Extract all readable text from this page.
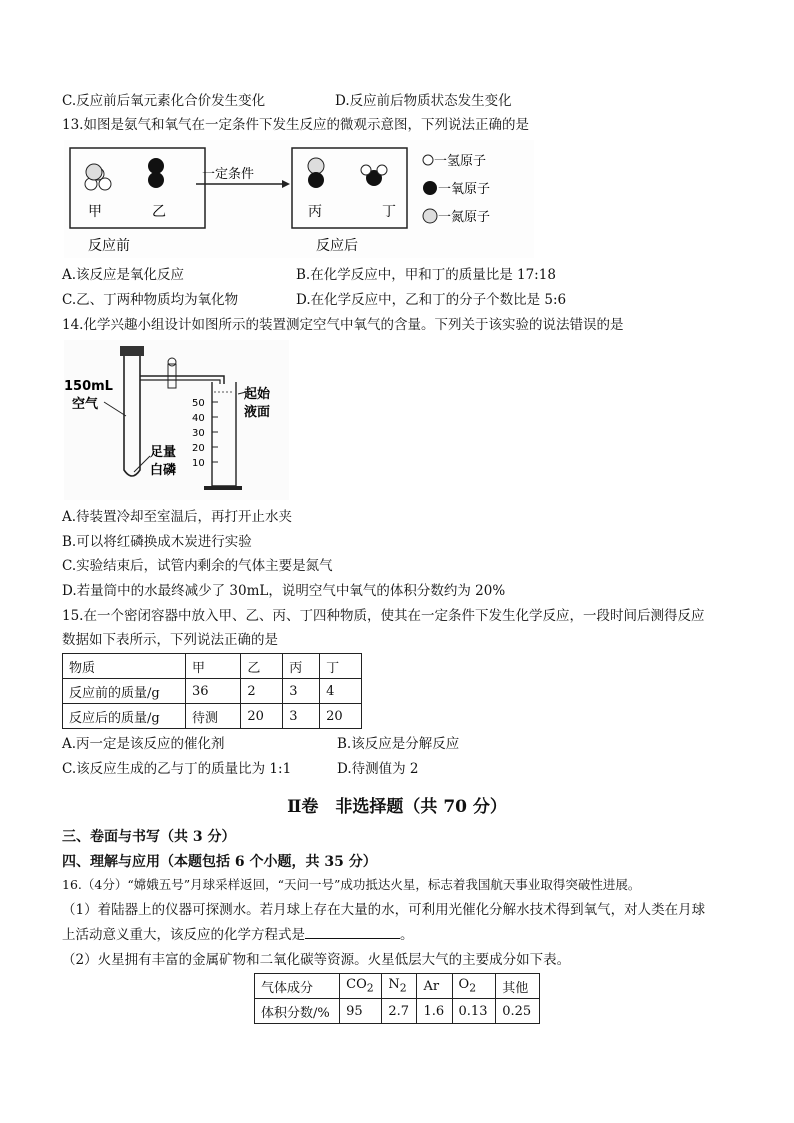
C.反应前后氧元素化合价发生变化	D.反应前后物质状态发生变化
13.如图是氨气和氧气在一定条件下发生反应的微观示意图，下列说法正确的是
甲	乙
一定条件
丙	丁
一氢原子
一氧原子
一氮原子
反应前	反应后
A.该反应是氧化反应	B.在化学反应中，甲和丁的质量比是 17:18
C.乙、丁两种物质均为氧化物	D.在化学反应中，乙和丁的分子个数比是 5:6
14.化学兴趣小组设计如图所示的装置测定空气中氧气的含量。下列关于该实验的说法错误的是
50
40
30
20
10
150mL
空气
起始
液面
足量
白磷
A.待装置冷却至室温后，再打开止水夹
B.可以将红磷换成木炭进行实验
C.实验结束后，试管内剩余的气体主要是氮气
D.若量筒中的水最终减少了 30mL，说明空气中氧气的体积分数约为 20%
15.在一个密闭容器中放入甲、乙、丙、丁四种物质，使其在一定条件下发生化学反应，一段时间后测得反应
数据如下表所示，下列说法正确的是
物质	甲	乙	丙	丁
反应前的质量/g	36	2	3	4
反应后的质量/g	待测	20	3	20
A.丙一定是该反应的催化剂	B.该反应是分解反应
C.该反应生成的乙与丁的质量比为 1:1	D.待测值为 2
Ⅱ卷　非选择题（共 70 分）
三、卷面与书写（共 3 分）
四、理解与应用（本题包括 6 个小题，共 35 分）
16.（4分）“嫦娥五号”月球采样返回，“天问一号”成功抵达火星，标志着我国航天事业取得突破性进展。
（1）着陆器上的仪器可探测水。若月球上存在大量的水，可利用光催化分解水技术得到氧气，对人类在月球
上活动意义重大，该反应的化学方程式是	。
（2）火星拥有丰富的金属矿物和二氧化碳等资源。火星低层大气的主要成分如下表。
气体成分	$CO_2$	$N_2$	Ar	$O_2$	其他
体积分数/%	95	2.7	1.6	0.13	0.25
